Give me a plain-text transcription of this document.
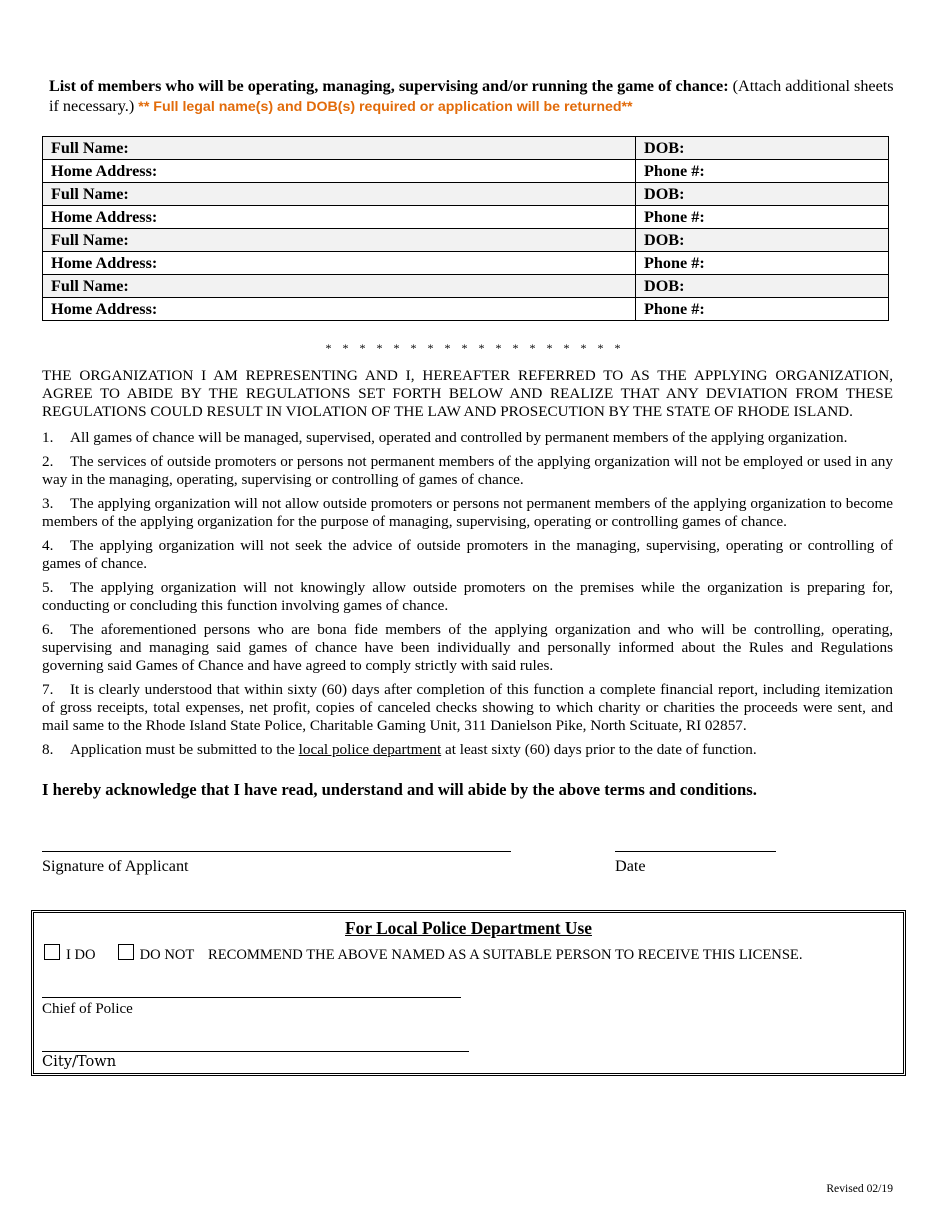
List of members who will be operating, managing, supervising and/or running the game of chance: (Attach additional sheets if necessary.) ** Full legal name(s) and DOB(s) required or application will be returned**
Full Name:	DOB:
Home Address:	Phone #:
Full Name:	DOB:
Home Address:	Phone #:
Full Name:	DOB:
Home Address:	Phone #:
Full Name:	DOB:
Home Address:	Phone #:
* * * * * * * * * * * * * * * * * *

THE ORGANIZATION I AM REPRESENTING AND I, HEREAFTER REFERRED TO AS THE APPLYING ORGANIZATION, AGREE TO ABIDE BY THE REGULATIONS SET FORTH BELOW AND REALIZE THAT ANY DEVIATION FROM THESE REGULATIONS COULD RESULT IN VIOLATION OF THE LAW AND PROSECUTION BY THE STATE OF RHODE ISLAND.

1. All games of chance will be managed, supervised, operated and controlled by permanent members of the applying organization.

2. The services of outside promoters or persons not permanent members of the applying organization will not be employed or used in any way in the managing, operating, supervising or controlling of games of chance.

3. The applying organization will not allow outside promoters or persons not permanent members of the applying organization to become members of the applying organization for the purpose of managing, supervising, operating or controlling games of chance.

4. The applying organization will not seek the advice of outside promoters in the managing, supervising, operating or controlling of games of chance.

5. The applying organization will not knowingly allow outside promoters on the premises while the organization is preparing for, conducting or concluding this function involving games of chance.

6. The aforementioned persons who are bona fide members of the applying organization and who will be controlling, operating, supervising and managing said games of chance have been individually and personally informed about the Rules and Regulations governing said Games of Chance and have agreed to comply strictly with said rules.

7. It is clearly understood that within sixty (60) days after completion of this function a complete financial report, including itemization of gross receipts, total expenses, net profit, copies of canceled checks showing to which charity or charities the proceeds were sent, and mail same to the Rhode Island State Police, Charitable Gaming Unit, 311 Danielson Pike, North Scituate, RI 02857.

8. Application must be submitted to the local police department at least sixty (60) days prior to the date of function.

I hereby acknowledge that I have read, understand and will abide by the above terms and conditions.
Signature of Applicant	Date
For Local Police Department Use
I DO	DO NOT RECOMMEND THE ABOVE NAMED AS A SUITABLE PERSON TO RECEIVE THIS LICENSE.
Chief of Police
City/Town
Revised 02/19
